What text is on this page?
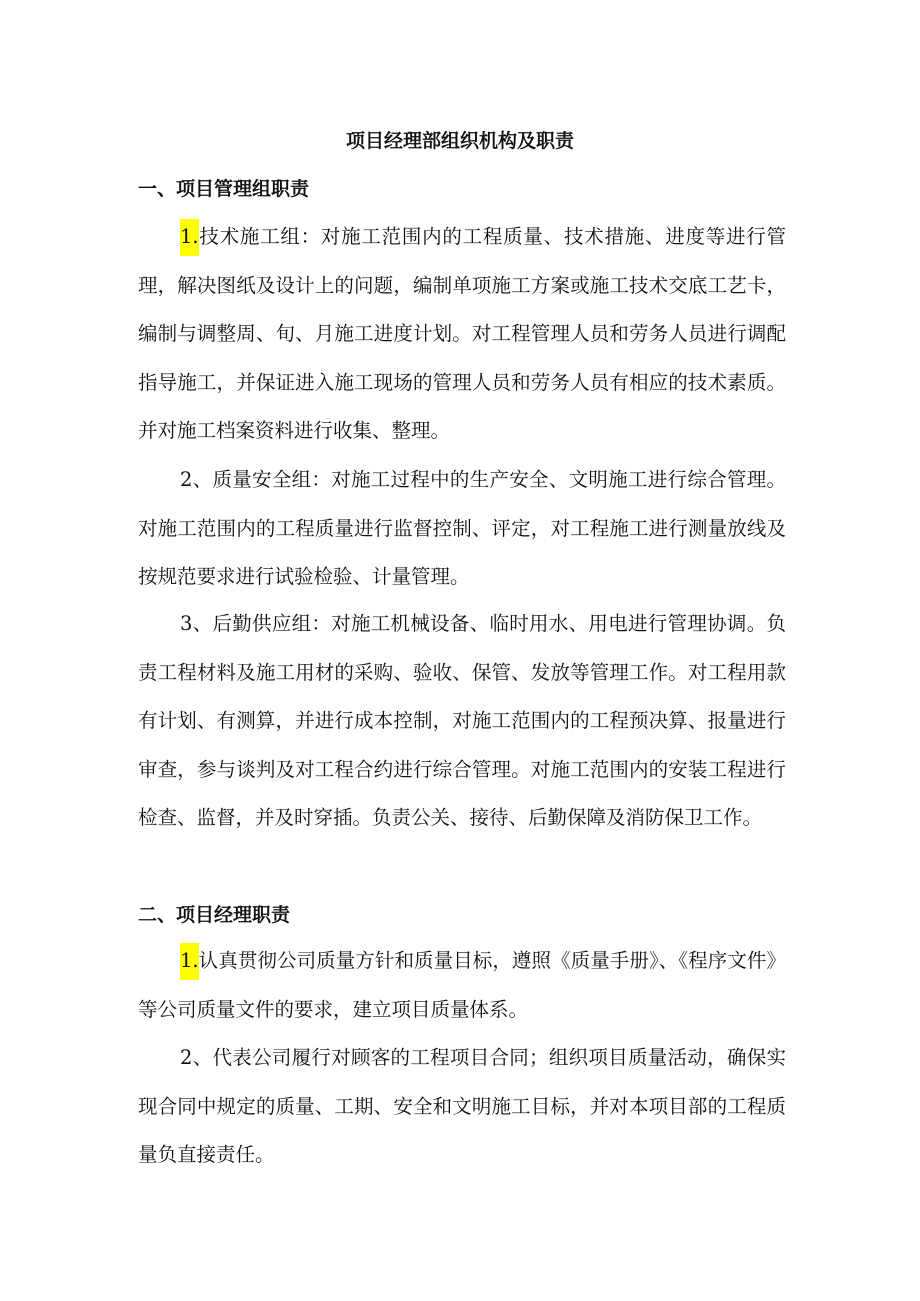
项目经理部组织机构及职责
一、项目管理组职责

1.技术施工组：对施工范围内的工程质量、技术措施、进度等进行管理，解决图纸及设计上的问题，编制单项施工方案或施工技术交底工艺卡，编制与调整周、旬、月施工进度计划。对工程管理人员和劳务人员进行调配指导施工，并保证进入施工现场的管理人员和劳务人员有相应的技术素质。并对施工档案资料进行收集、整理。

2、质量安全组：对施工过程中的生产安全、文明施工进行综合管理。对施工范围内的工程质量进行监督控制、评定，对工程施工进行测量放线及按规范要求进行试验检验、计量管理。

3、后勤供应组：对施工机械设备、临时用水、用电进行管理协调。负责工程材料及施工用材的采购、验收、保管、发放等管理工作。对工程用款有计划、有测算，并进行成本控制，对施工范围内的工程预决算、报量进行审查，参与谈判及对工程合约进行综合管理。对施工范围内的安装工程进行检查、监督，并及时穿插。负责公关、接待、后勤保障及消防保卫工作。

二、项目经理职责

1.认真贯彻公司质量方针和质量目标，遵照《质量手册》、《程序文件》等公司质量文件的要求，建立项目质量体系。

2、代表公司履行对顾客的工程项目合同；组织项目质量活动，确保实现合同中规定的质量、工期、安全和文明施工目标，并对本项目部的工程质量负直接责任。
